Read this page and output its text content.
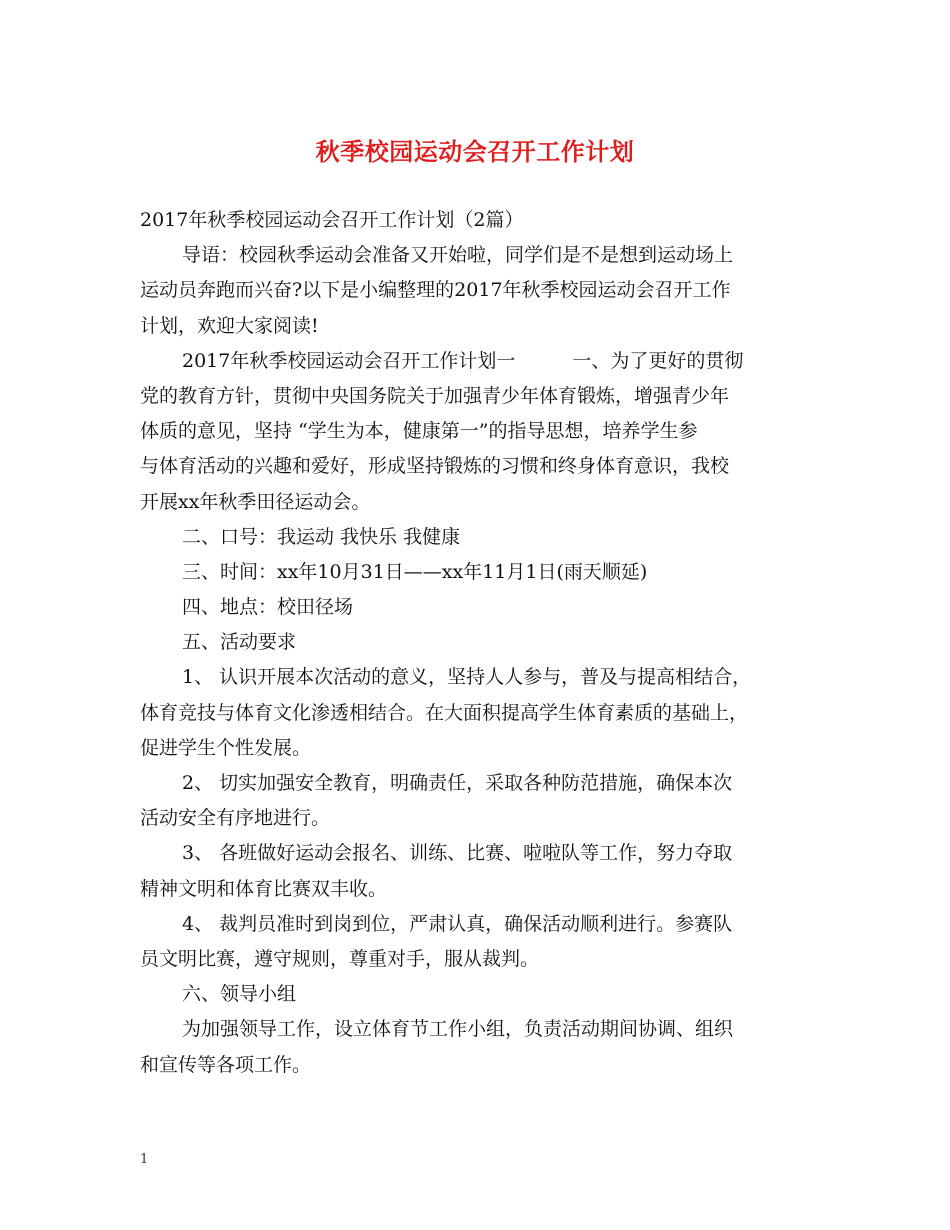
秋季校园运动会召开工作计划
2017年秋季校园运动会召开工作计划（2篇）
导语：校园秋季运动会准备又开始啦，同学们是不是想到运动场上
运动员奔跑而兴奋?以下是小编整理的2017年秋季校园运动会召开工作
计划，欢迎大家阅读!
2017年秋季校园运动会召开工作计划一　　　一、为了更好的贯彻
党的教育方针，贯彻中央国务院关于加强青少年体育锻炼，增强青少年
体质的意见，坚持 “学生为本，健康第一”的指导思想，培养学生参
与体育活动的兴趣和爱好，形成坚持锻炼的习惯和终身体育意识，我校
开展xx年秋季田径运动会。
二、口号：我运动 我快乐 我健康
三、时间：xx年10月31日——xx年11月1日(雨天顺延)
四、地点：校田径场
五、活动要求
1、 认识开展本次活动的意义，坚持人人参与，普及与提高相结合，
体育竞技与体育文化渗透相结合。在大面积提高学生体育素质的基础上，
促进学生个性发展。
2、 切实加强安全教育，明确责任，采取各种防范措施，确保本次
活动安全有序地进行。
3、 各班做好运动会报名、训练、比赛、啦啦队等工作，努力夺取
精神文明和体育比赛双丰收。
4、 裁判员准时到岗到位，严肃认真，确保活动顺利进行。参赛队
员文明比赛，遵守规则，尊重对手，服从裁判。
六、领导小组
为加强领导工作，设立体育节工作小组，负责活动期间协调、组织
和宣传等各项工作。
1
